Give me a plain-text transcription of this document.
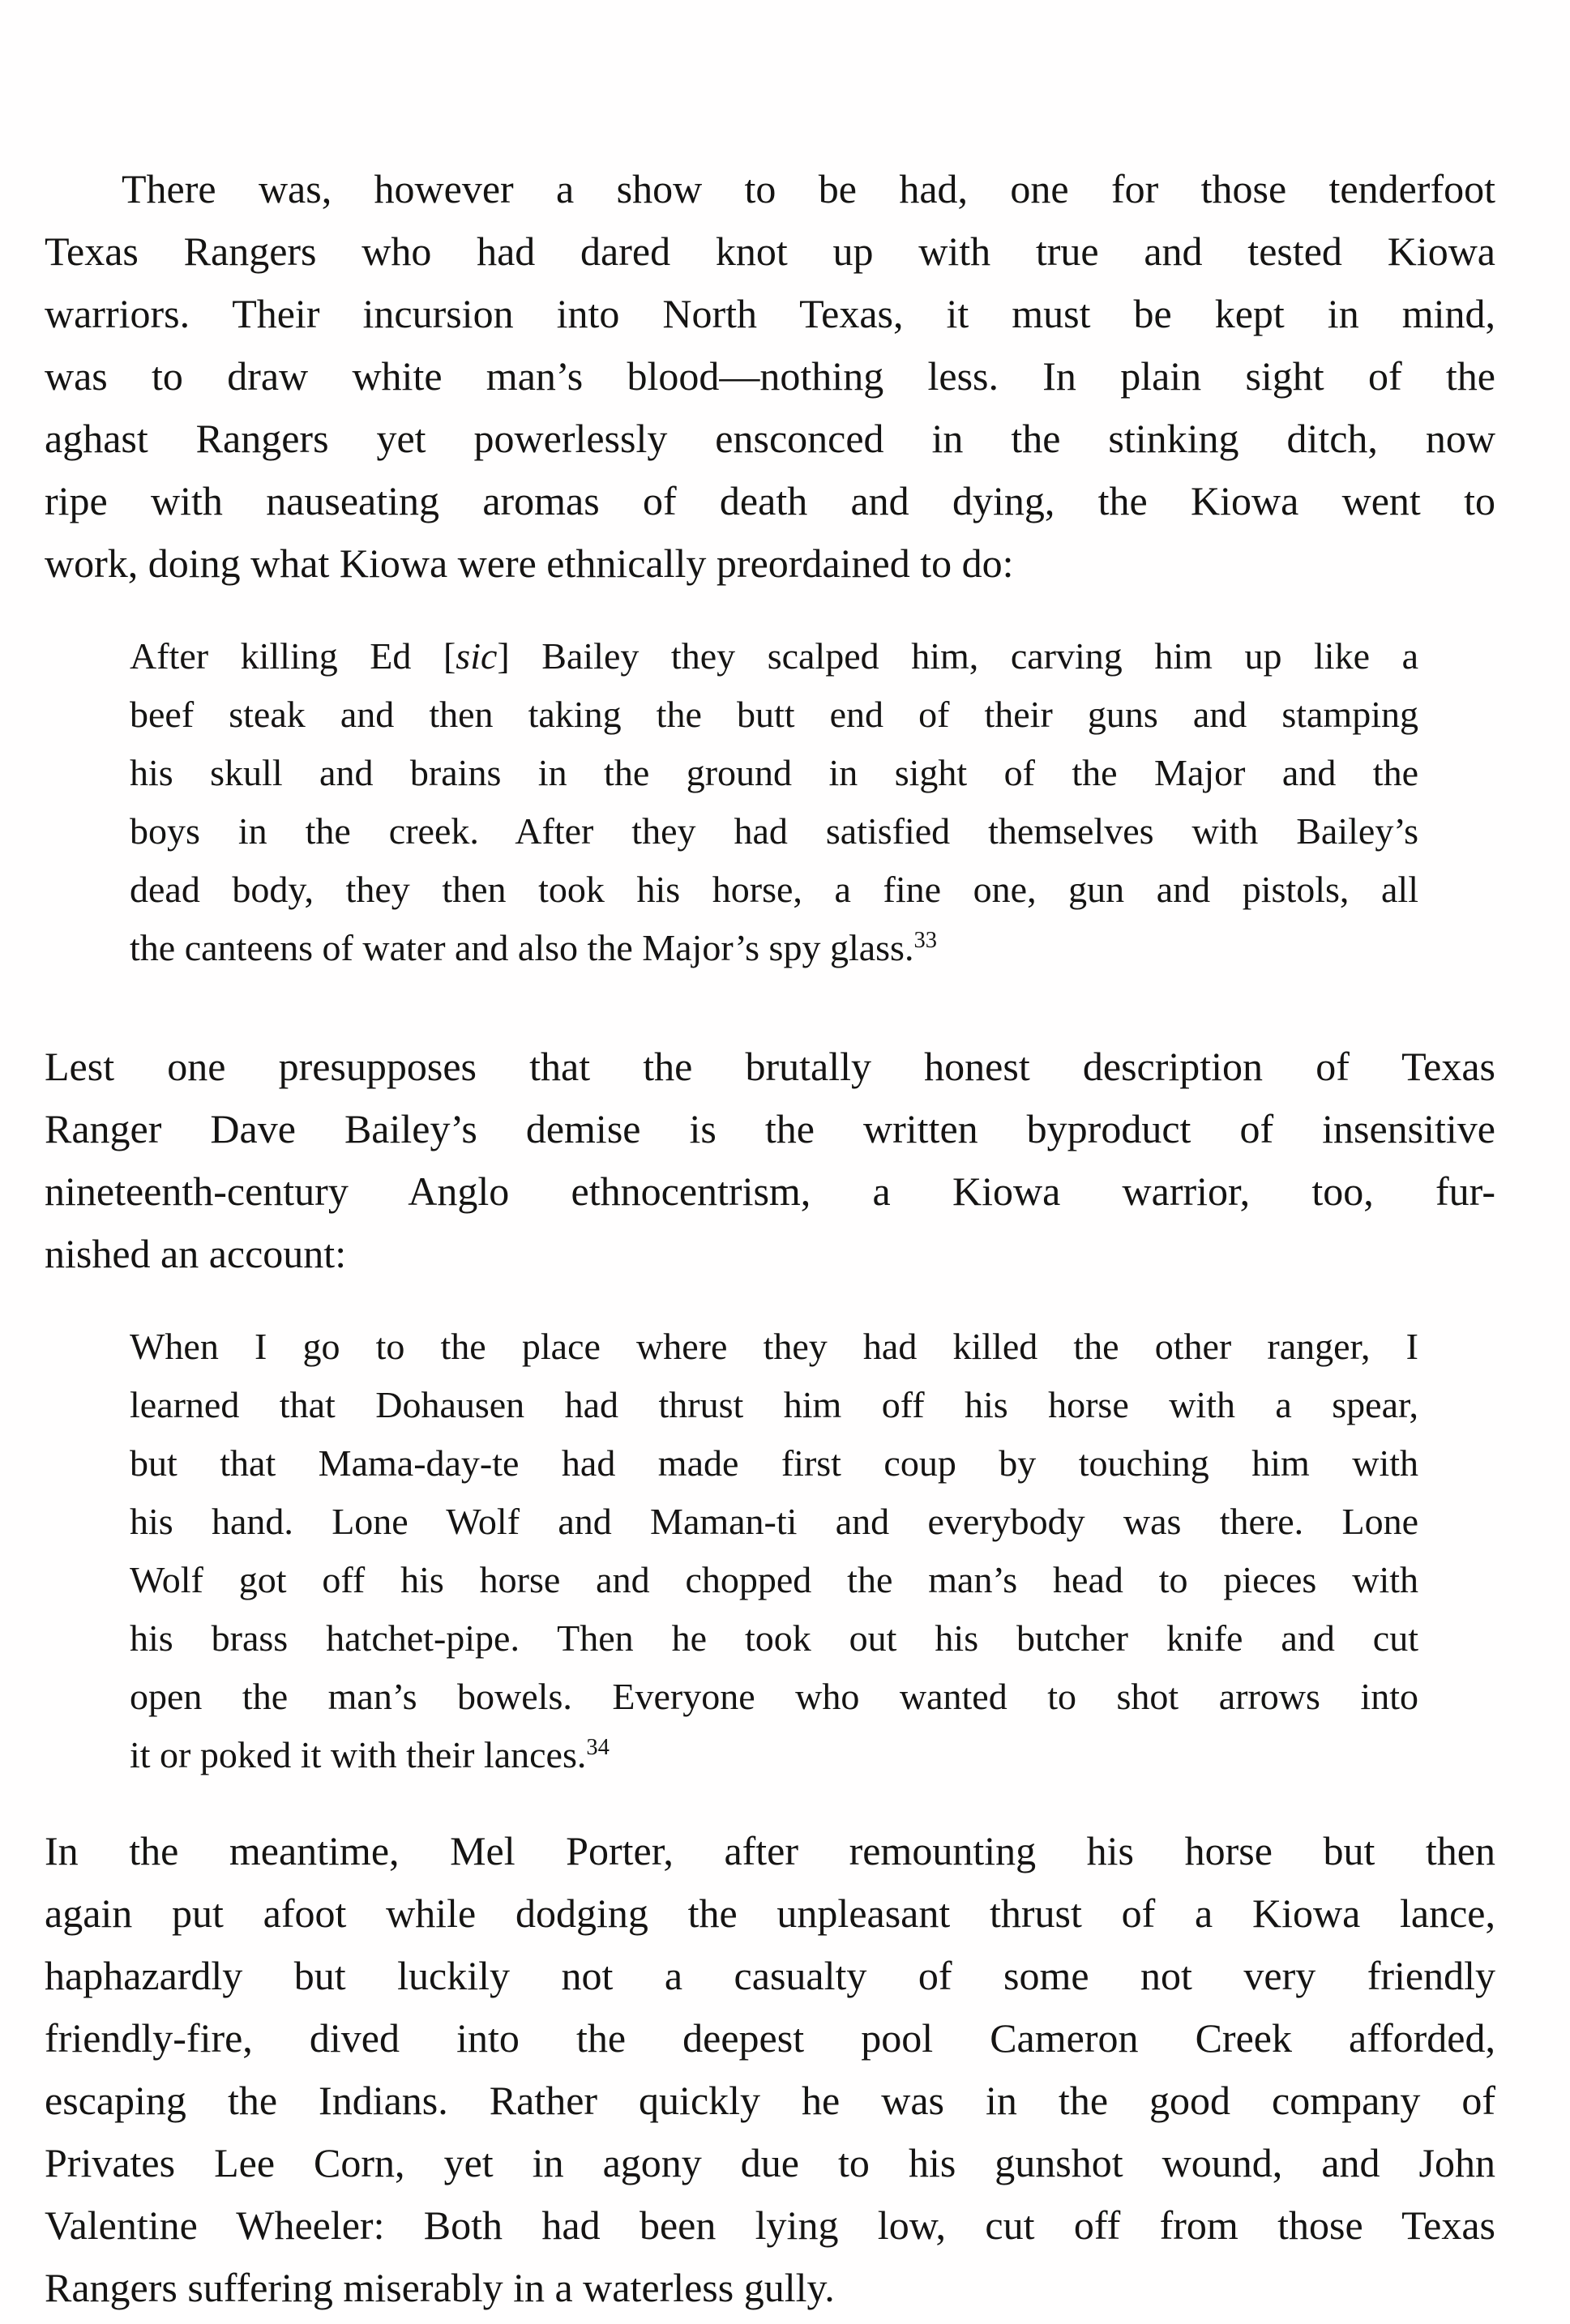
There was, however a show to be had, one for those tenderfoot
Texas Rangers who had dared knot up with true and tested Kiowa
warriors. Their incursion into North Texas, it must be kept in mind,
was to draw white man’s blood—nothing less. In plain sight of the
aghast Rangers yet powerlessly ensconced in the stinking ditch, now
ripe with nauseating aromas of death and dying, the Kiowa went to
work, doing what Kiowa were ethnically preordained to do:
After killing Ed [sic] Bailey they scalped him, carving him up like a
beef steak and then taking the butt end of their guns and stamping
his skull and brains in the ground in sight of the Major and the
boys in the creek. After they had satisfied themselves with Bailey’s
dead body, they then took his horse, a fine one, gun and pistols, all
the canteens of water and also the Major’s spy glass.$^{33}$
Lest one presupposes that the brutally honest description of Texas
Ranger Dave Bailey’s demise is the written byproduct of insensitive
nineteenth-century Anglo ethnocentrism, a Kiowa warrior, too, fur-
nished an account:
When I go to the place where they had killed the other ranger, I
learned that Dohausen had thrust him off his horse with a spear,
but that Mama-day-te had made first coup by touching him with
his hand. Lone Wolf and Maman-ti and everybody was there. Lone
Wolf got off his horse and chopped the man’s head to pieces with
his brass hatchet-pipe. Then he took out his butcher knife and cut
open the man’s bowels. Everyone who wanted to shot arrows into
it or poked it with their lances.$^{34}$
In the meantime, Mel Porter, after remounting his horse but then
again put afoot while dodging the unpleasant thrust of a Kiowa lance,
haphazardly but luckily not a casualty of some not very friendly
friendly-fire, dived into the deepest pool Cameron Creek afforded,
escaping the Indians. Rather quickly he was in the good company of
Privates Lee Corn, yet in agony due to his gunshot wound, and John
Valentine Wheeler: Both had been lying low, cut off from those Texas
Rangers suffering miserably in a waterless gully.
